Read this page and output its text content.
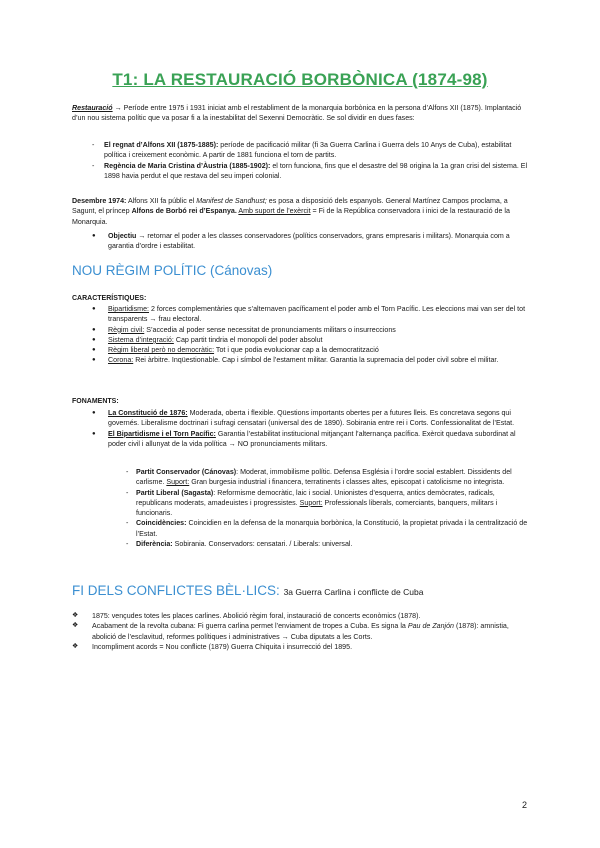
T1: LA RESTAURACIÓ BORBÒNICA (1874-98)
Restauració → Període entre 1975 i 1931 iniciat amb el restabliment de la monarquia borbònica en la persona d’Alfons XII (1875). Implantació d’un nou sistema polític que va posar fi a la inestabilitat del Sexenni Democràtic. Se sol dividir en dues fases:
- El regnat d’Alfons XII (1875-1885): període de pacificació militar (fi 3a Guerra Carlina i Guerra dels 10 Anys de Cuba), estabilitat política i creixement econòmic. A partir de 1881 funciona el torn de partits.
- Regència de Maria Cristina d’Àustria (1885-1902): el torn funciona, fins que el desastre del 98 origina la 1a gran crisi del sistema. El 1898 havia perdut el que restava del seu imperi colonial.
Desembre 1974: Alfons XII fa públic el Manifest de Sandhust; es posa a disposició dels espanyols. General Martínez Campos proclama, a Sagunt, el príncep Alfons de Borbó rei d’Espanya. Amb suport de l’exèrcit = Fi de la República conservadora i inici de la restauració de la Monarquia.
● Objectiu → retornar el poder a les classes conservadores (polítics conservadors, grans empresaris i militars). Monarquia com a garantia d’ordre i estabilitat.
NOU RÈGIM POLÍTIC (Cánovas)
CARACTERÍSTIQUES:
● Bipartidisme: 2 forces complementàries que s’alternaven pacíficament el poder amb el Torn Pacífic. Les eleccions mai van ser del tot transparents → frau electoral.
● Règim civil: S’accedia al poder sense necessitat de pronunciaments militars o insurreccions
● Sistema d’integració: Cap partit tindria el monopoli del poder absolut
● Règim liberal però no democràtic: Tot i que podia evolucionar cap a la democratització
● Corona: Rei àrbitre. Inqüestionable. Cap i símbol de l’estament militar. Garantia la supremacia del poder civil sobre el militar.
FONAMENTS:
● La Constitució de 1876: Moderada, oberta i flexible. Qüestions importants obertes per a futures lleis. Es concretava segons qui governés. Liberalisme doctrinari i sufragi censatari (universal des de 1890). Sobirania entre rei i Corts. Confessionalitat de l’Estat.
● El Bipartidisme i el Torn Pacífic: Garantia l’estabilitat institucional mitjançant l’alternança pacífica. Exèrcit quedava subordinat al poder civil i allunyat de la vida política → NO pronunciaments militars.
- Partit Conservador (Cánovas): Moderat, immobilisme polític. Defensa Església i l’ordre social establert. Dissidents del carlisme. Suport: Gran burgesia industrial i financera, terratinents i classes altes, episcopat i catolicisme no integrista.
- Partit Liberal (Sagasta): Reformisme democràtic, laic i social. Unionistes d’esquerra, antics demòcrates, radicals, republicans moderats, amadeuistes i progressistes. Suport: Professionals liberals, comerciants, banquers, militars i funcionaris.
- Coincidències: Coincidien en la defensa de la monarquia borbònica, la Constitució, la propietat privada i la centralització de l’Estat.
- Diferència: Sobirania. Conservadors: censatari. / Liberals: universal.
FI DELS CONFLICTES BÈL·LICS: 3a Guerra Carlina i conflicte de Cuba
❖ 1875: vençudes totes les places carlines. Abolició règim foral, instauració de concerts econòmics (1878).
❖ Acabament de la revolta cubana: Fi guerra carlina permet l’enviament de tropes a Cuba. Es signa la Pau de Zanjón (1878): amnistia, abolició de l’esclavitud, reformes polítiques i administratives → Cuba diputats a les Corts.
❖ Incompliment acords = Nou conflicte (1879) Guerra Chiquita i insurrecció del 1895.
2
